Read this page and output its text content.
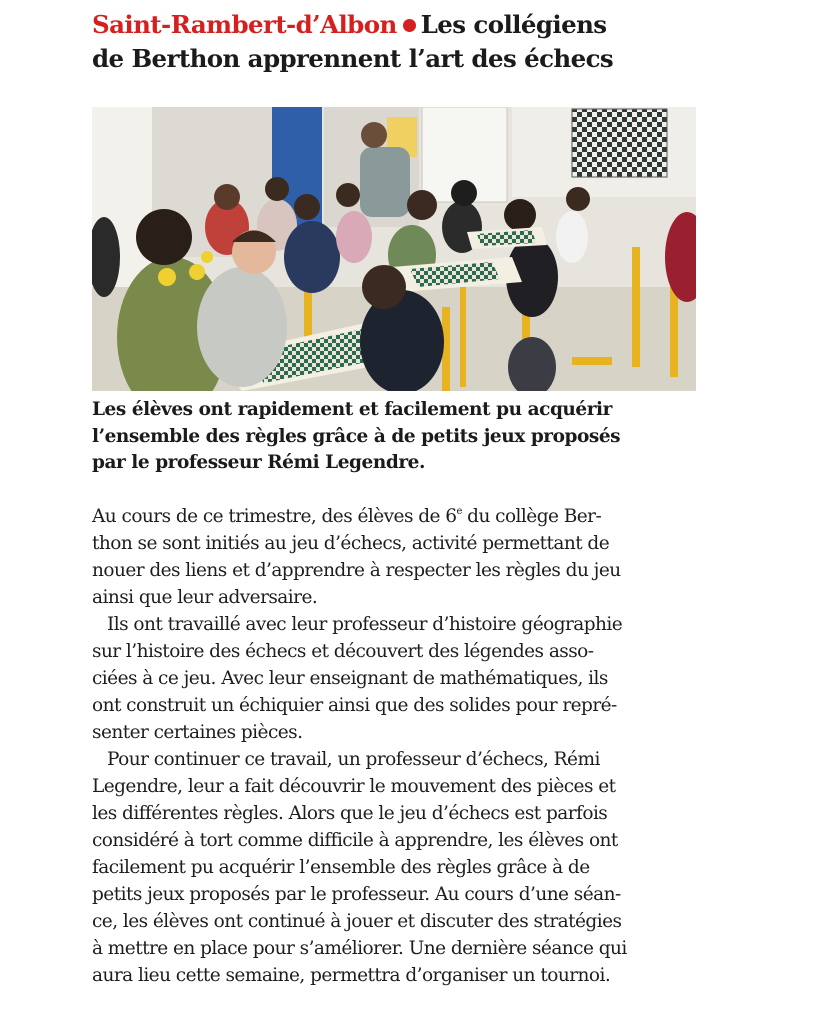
Saint-Rambert-d’Albon Les collégiens
de Berthon apprennent l’art des échecs
Les élèves ont rapidement et facilement pu acquérir
l’ensemble des règles grâce à de petits jeux proposés
par le professeur Rémi Legendre.
Au cours de ce trimestre, des élèves de 6e du collège Ber-
thon se sont initiés au jeu d’échecs, activité permettant de
nouer des liens et d’apprendre à respecter les règles du jeu
ainsi que leur adversaire.
Ils ont travaillé avec leur professeur d’histoire géographie
sur l’histoire des échecs et découvert des légendes asso-
ciées à ce jeu. Avec leur enseignant de mathématiques, ils
ont construit un échiquier ainsi que des solides pour repré-
senter certaines pièces.
Pour continuer ce travail, un professeur d’échecs, Rémi
Legendre, leur a fait découvrir le mouvement des pièces et
les différentes règles. Alors que le jeu d’échecs est parfois
considéré à tort comme difficile à apprendre, les élèves ont
facilement pu acquérir l’ensemble des règles grâce à de
petits jeux proposés par le professeur. Au cours d’une séan-
ce, les élèves ont continué à jouer et discuter des stratégies
à mettre en place pour s’améliorer. Une dernière séance qui
aura lieu cette semaine, permettra d’organiser un tournoi.
